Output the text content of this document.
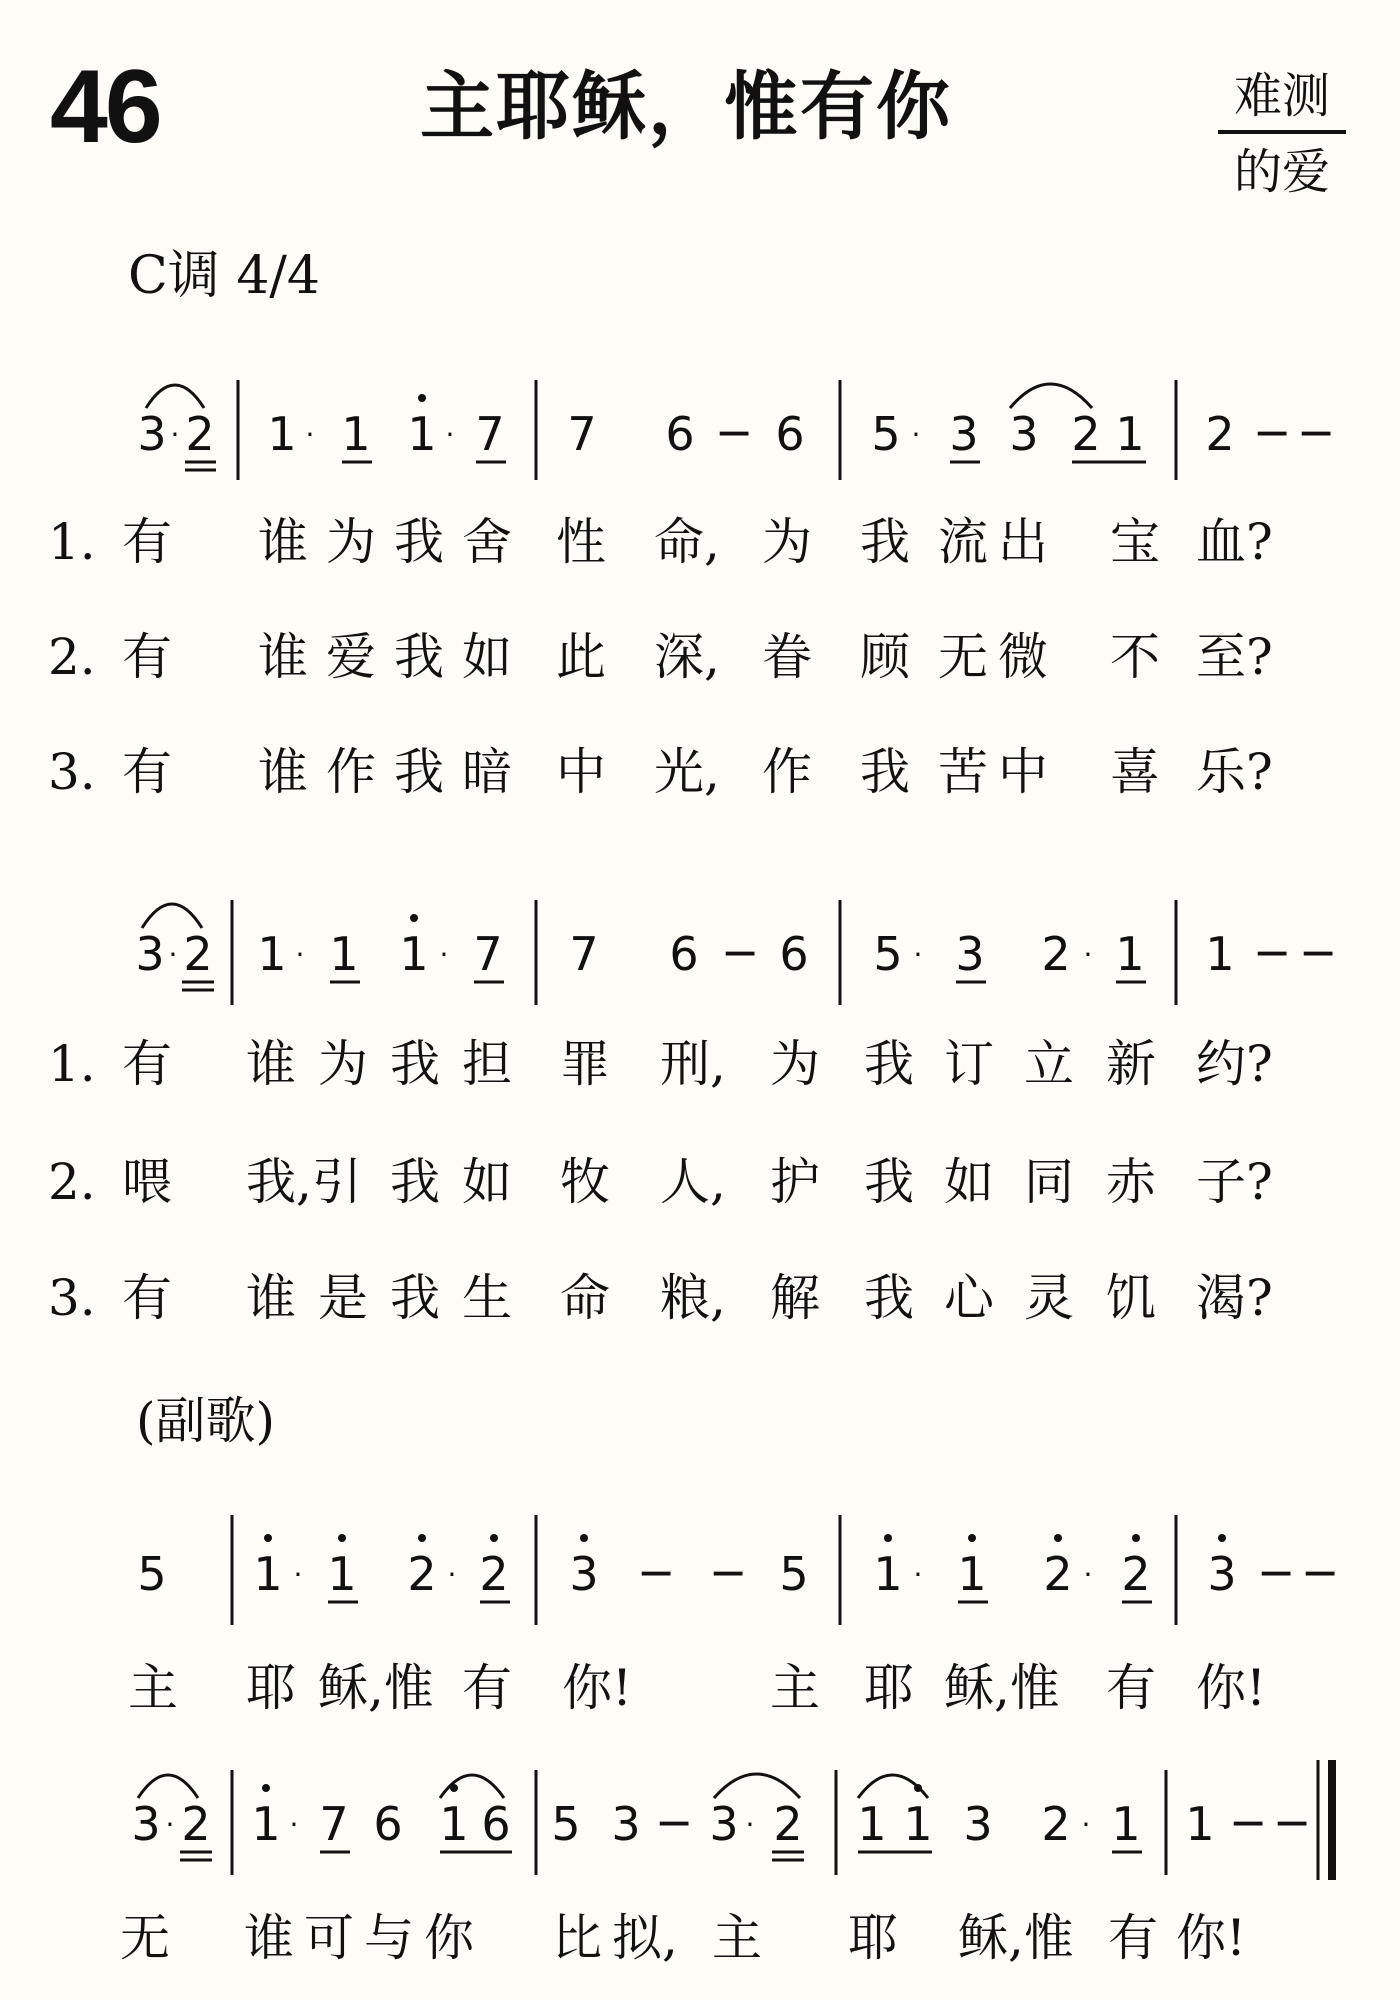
46	主耶稣，惟有你	难测
的爱
C调 4/4
3 · 2 1 · 1 1 · 7 7 6 − 6 5 · 3 3 2 1 2 − −
3 · 2 1 · 1 1 · 7 7 6 − 6 5 · 3 2 · 1 1 − −
5 1 · 1 2 · 2 3 − − 5 1 · 1 2 · 2 3 − −
3 · 2 1 · 7 6 1 6 5 3 − 3 · 2 1 1 3 2 · 1 1 − −
1. 有 谁 为 我 舍 性 命, 为 我 流 出 宝 血?
2. 有 谁 爱 我 如 此 深, 眷 顾 无 微 不 至?
3. 有 谁 作 我 暗 中 光, 作 我 苦 中 喜 乐?
1. 有 谁 为 我 担 罪 刑, 为 我 订 立 新 约?
2. 喂 我,引 我 如 牧 人, 护 我 如 同 赤 子?
3. 有 谁 是 我 生 命 粮, 解 我 心 灵 饥 渴?
(副歌)
主 耶 稣,惟 有 你!	主 耶 稣,惟 有 你!
无 谁 可 与 你 比 拟, 主 耶 稣,惟 有 你!
